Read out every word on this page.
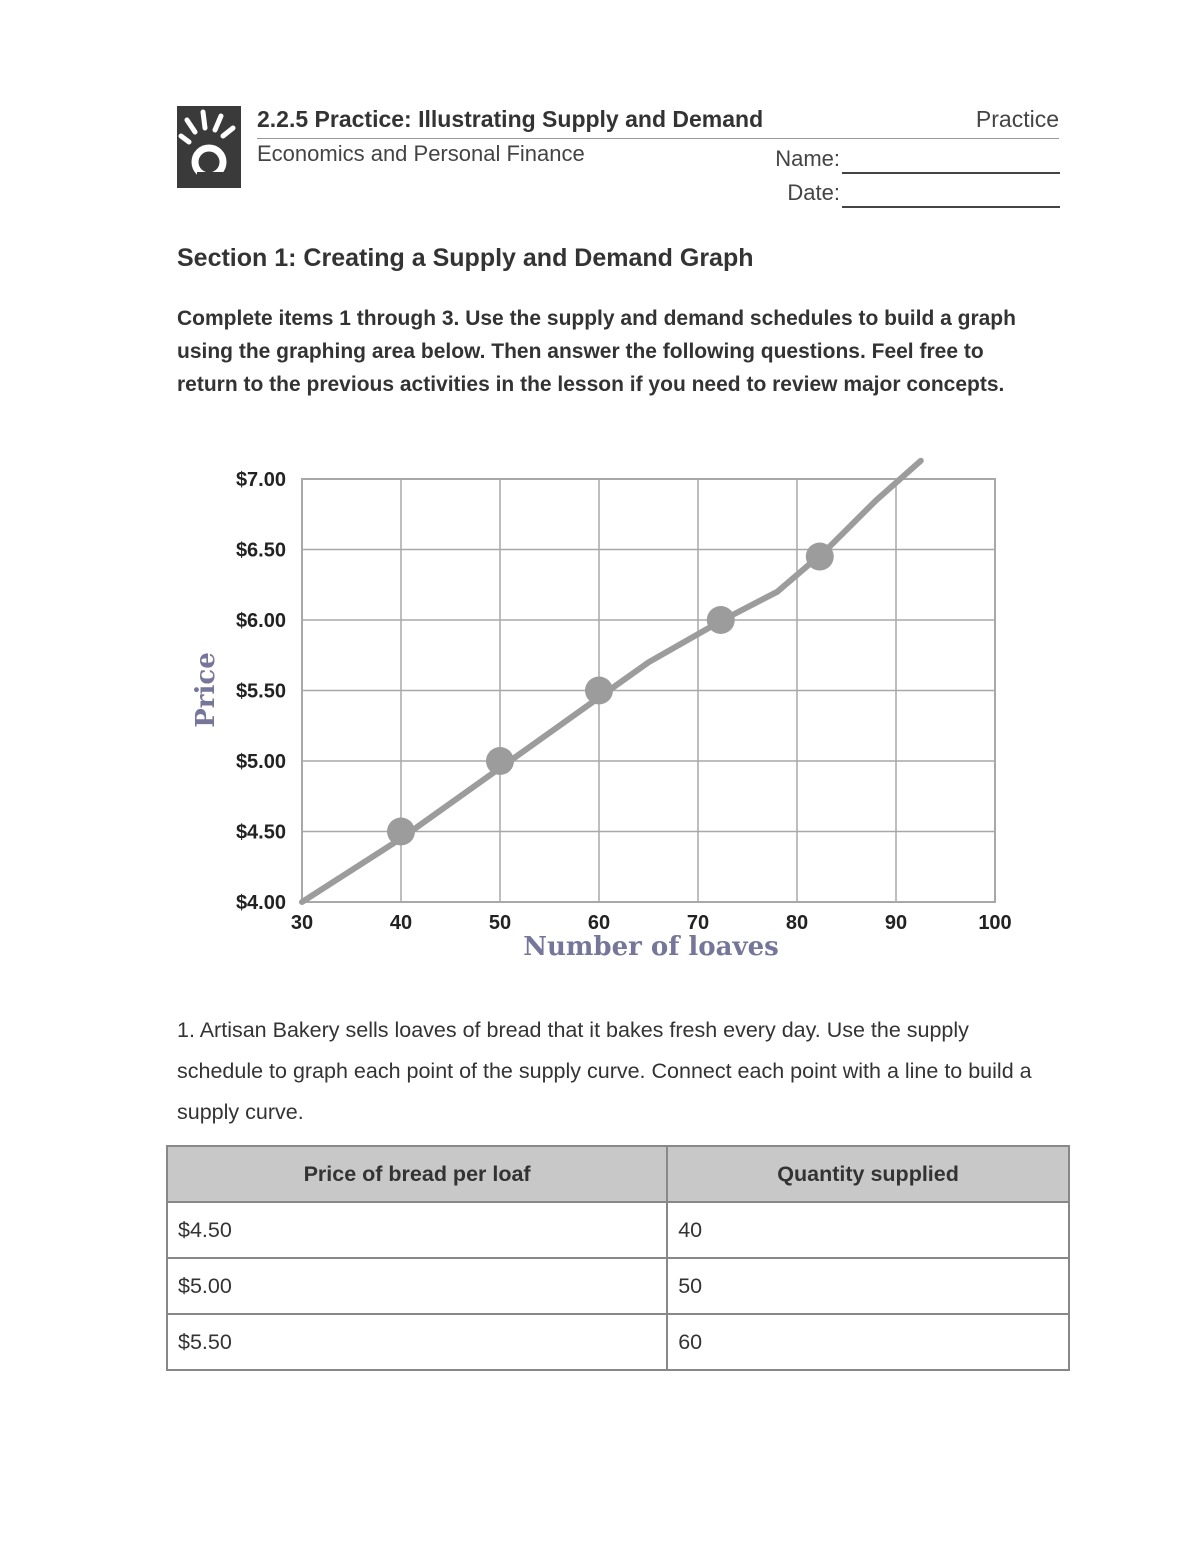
2.2.5 Practice: Illustrating Supply and Demand	Practice
Economics and Personal Finance	Name:
Date:
Section 1: Creating a Supply and Demand Graph
Complete items 1 through 3. Use the supply and demand schedules to build a graph using the graphing area below. Then answer the following questions. Feel free to return to the previous activities in the lesson if you need to review major concepts.
30	40	50	60	70	80	90	100
$4.00
$4.50
$5.00
$5.50
$6.00
$6.50
$7.00
Number of loaves
Price
1. Artisan Bakery sells loaves of bread that it bakes fresh every day. Use the supply schedule to graph each point of the supply curve. Connect each point with a line to build a supply curve.
Price of bread per loaf	Quantity supplied
$4.50	40
$5.00	50
$5.50	60
